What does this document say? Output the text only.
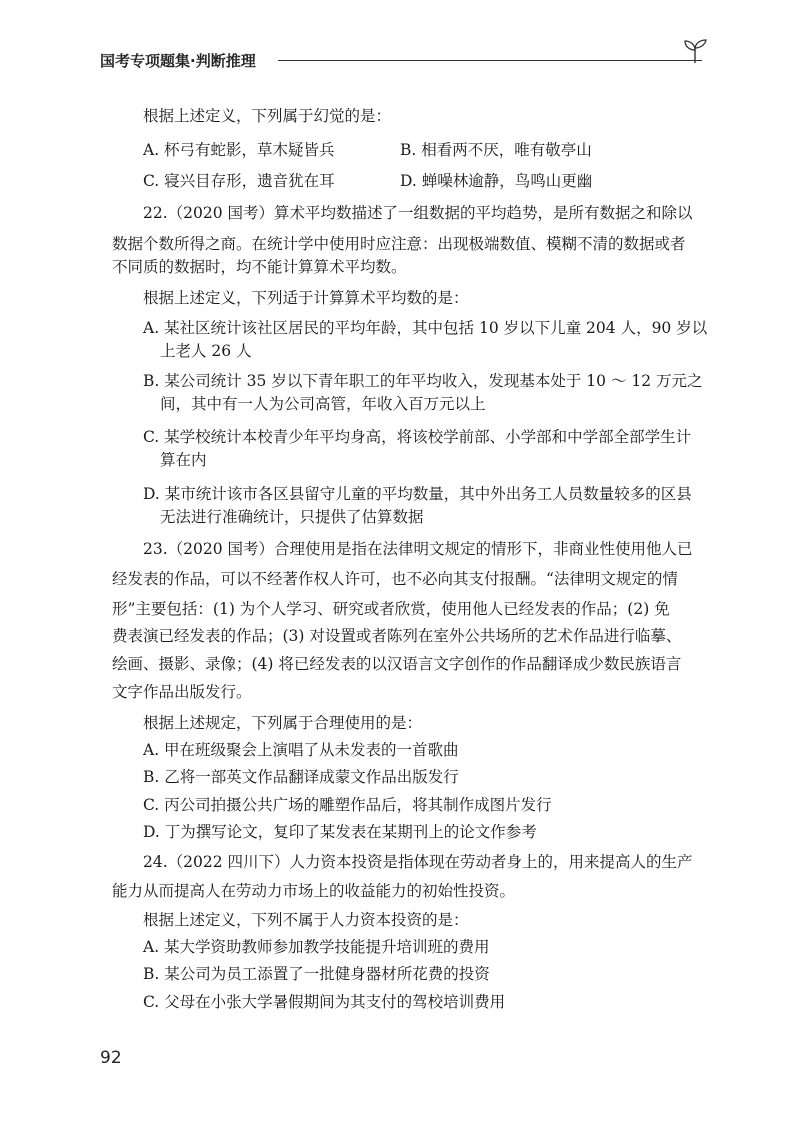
国考专项题集·判断推理
根据上述定义，下列属于幻觉的是：
A. 杯弓有蛇影，草木疑皆兵	B. 相看两不厌，唯有敬亭山
C. 寝兴目存形，遗音犹在耳	D. 蝉噪林逾静，鸟鸣山更幽
22.（2020 国考）算术平均数描述了一组数据的平均趋势，是所有数据之和除以
数据个数所得之商。在统计学中使用时应注意：出现极端数值、模糊不清的数据或者
不同质的数据时，均不能计算算术平均数。
根据上述定义，下列适于计算算术平均数的是：
A. 某社区统计该社区居民的平均年龄，其中包括 10 岁以下儿童 204 人，90 岁以
上老人 26 人
B. 某公司统计 35 岁以下青年职工的年平均收入，发现基本处于 10 ～ 12 万元之
间，其中有一人为公司高管，年收入百万元以上
C. 某学校统计本校青少年平均身高，将该校学前部、小学部和中学部全部学生计
算在内
D. 某市统计该市各区县留守儿童的平均数量，其中外出务工人员数量较多的区县
无法进行准确统计，只提供了估算数据
23.（2020 国考）合理使用是指在法律明文规定的情形下，非商业性使用他人已
经发表的作品，可以不经著作权人许可，也不必向其支付报酬。“法律明文规定的情
形”主要包括：(1) 为个人学习、研究或者欣赏，使用他人已经发表的作品；(2) 免
费表演已经发表的作品；(3) 对设置或者陈列在室外公共场所的艺术作品进行临摹、
绘画、摄影、录像；(4) 将已经发表的以汉语言文字创作的作品翻译成少数民族语言
文字作品出版发行。
根据上述规定，下列属于合理使用的是：
A. 甲在班级聚会上演唱了从未发表的一首歌曲
B. 乙将一部英文作品翻译成蒙文作品出版发行
C. 丙公司拍摄公共广场的雕塑作品后，将其制作成图片发行
D. 丁为撰写论文，复印了某发表在某期刊上的论文作参考
24.（2022 四川下）人力资本投资是指体现在劳动者身上的，用来提高人的生产
能力从而提高人在劳动力市场上的收益能力的初始性投资。
根据上述定义，下列不属于人力资本投资的是：
A. 某大学资助教师参加教学技能提升培训班的费用
B. 某公司为员工添置了一批健身器材所花费的投资
C. 父母在小张大学暑假期间为其支付的驾校培训费用
92
